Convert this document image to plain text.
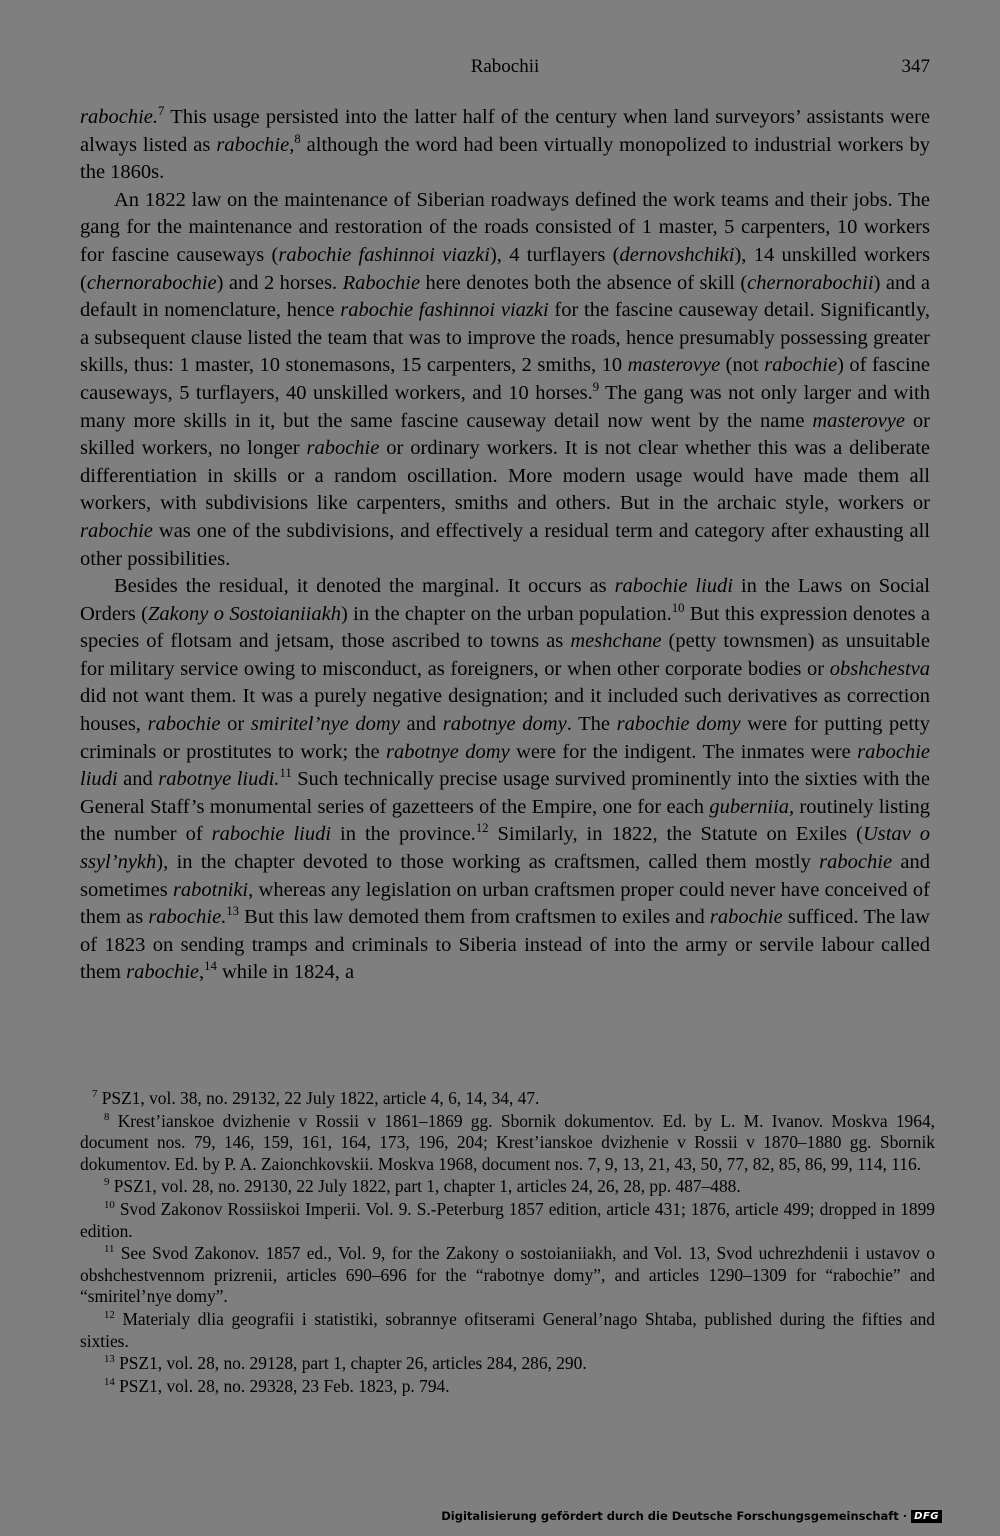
Rabochii	347

rabochie.$^7$ This usage persisted into the latter half of the century when land surveyors’ assistants were always listed as rabochie,$^8$ although the word had been virtually monopolized to industrial workers by the 1860s.

An 1822 law on the maintenance of Siberian roadways defined the work teams and their jobs. The gang for the maintenance and restoration of the roads consisted of 1 master, 5 carpenters, 10 workers for fascine causeways (rabochie fashinnoi viazki), 4 turflayers (dernovshchiki), 14 unskilled workers (chernorabochie) and 2 horses. Rabochie here denotes both the absence of skill (chernorabochii) and a default in nomenclature, hence rabochie fashinnoi viazki for the fascine causeway detail. Significantly, a subsequent clause listed the team that was to improve the roads, hence presumably possessing greater skills, thus: 1 master, 10 stonemasons, 15 carpenters, 2 smiths, 10 masterovye (not rabochie) of fascine causeways, 5 turflayers, 40 unskilled workers, and 10 horses.$^9$ The gang was not only larger and with many more skills in it, but the same fascine causeway detail now went by the name masterovye or skilled workers, no longer rabochie or ordinary workers. It is not clear whether this was a deliberate differentiation in skills or a random oscillation. More modern usage would have made them all workers, with subdivisions like carpenters, smiths and others. But in the archaic style, workers or rabochie was one of the subdivisions, and effectively a residual term and category after exhausting all other possibilities.

Besides the residual, it denoted the marginal. It occurs as rabochie liudi in the Laws on Social Orders (Zakony o Sostoianiiakh) in the chapter on the urban population.$^{10}$ But this expression denotes a species of flotsam and jetsam, those ascribed to towns as meshchane (petty townsmen) as unsuitable for military service owing to misconduct, as foreigners, or when other corporate bodies or obshchestva did not want them. It was a purely negative designation; and it included such derivatives as correction houses, rabochie or smiritel’nye domy and rabotnye domy. The rabochie domy were for putting petty criminals or prostitutes to work; the rabotnye domy were for the indigent. The inmates were rabochie liudi and rabotnye liudi.$^{11}$ Such technically precise usage survived prominently into the sixties with the General Staff’s monumental series of gazetteers of the Empire, one for each guberniia, routinely listing the number of rabochie liudi in the province.$^{12}$ Similarly, in 1822, the Statute on Exiles (Ustav o ssyl’nykh), in the chapter devoted to those working as craftsmen, called them mostly rabochie and sometimes rabotniki, whereas any legislation on urban craftsmen proper could never have conceived of them as rabochie.$^{13}$ But this law demoted them from craftsmen to exiles and rabochie sufficed. The law of 1823 on sending tramps and criminals to Siberia instead of into the army or servile labour called them rabochie,$^{14}$ while in 1824, a

$^7$ PSZ1, vol. 38, no. 29132, 22 July 1822, article 4, 6, 14, 34, 47.

$^8$ Krest’ianskoe dvizhenie v Rossii v 1861–1869 gg. Sbornik dokumentov. Ed. by L. M. Ivanov. Moskva 1964, document nos. 79, 146, 159, 161, 164, 173, 196, 204; Krest’ianskoe dvizhenie v Rossii v 1870–1880 gg. Sbornik dokumentov. Ed. by P. A. Zaionchkovskii. Moskva 1968, document nos. 7, 9, 13, 21, 43, 50, 77, 82, 85, 86, 99, 114, 116.

$^9$ PSZ1, vol. 28, no. 29130, 22 July 1822, part 1, chapter 1, articles 24, 26, 28, pp. 487–488.

$^{10}$ Svod Zakonov Rossiiskoi Imperii. Vol. 9. S.-Peterburg 1857 edition, article 431; 1876, article 499; dropped in 1899 edition.

$^{11}$ See Svod Zakonov. 1857 ed., Vol. 9, for the Zakony o sostoianiiakh, and Vol. 13, Svod uchrezhdenii i ustavov o obshchestvennom prizrenii, articles 690–696 for the “rabotnye domy”, and articles 1290–1309 for “rabochie” and “smiritel’nye domy”.

$^{12}$ Materialy dlia geografii i statistiki, sobrannye ofitserami General’nago Shtaba, published during the fifties and sixties.

$^{13}$ PSZ1, vol. 28, no. 29128, part 1, chapter 26, articles 284, 286, 290.

$^{14}$ PSZ1, vol. 28, no. 29328, 23 Feb. 1823, p. 794.

Digitalisierung gefördert durch die Deutsche Forschungsgemeinschaft · DFG
